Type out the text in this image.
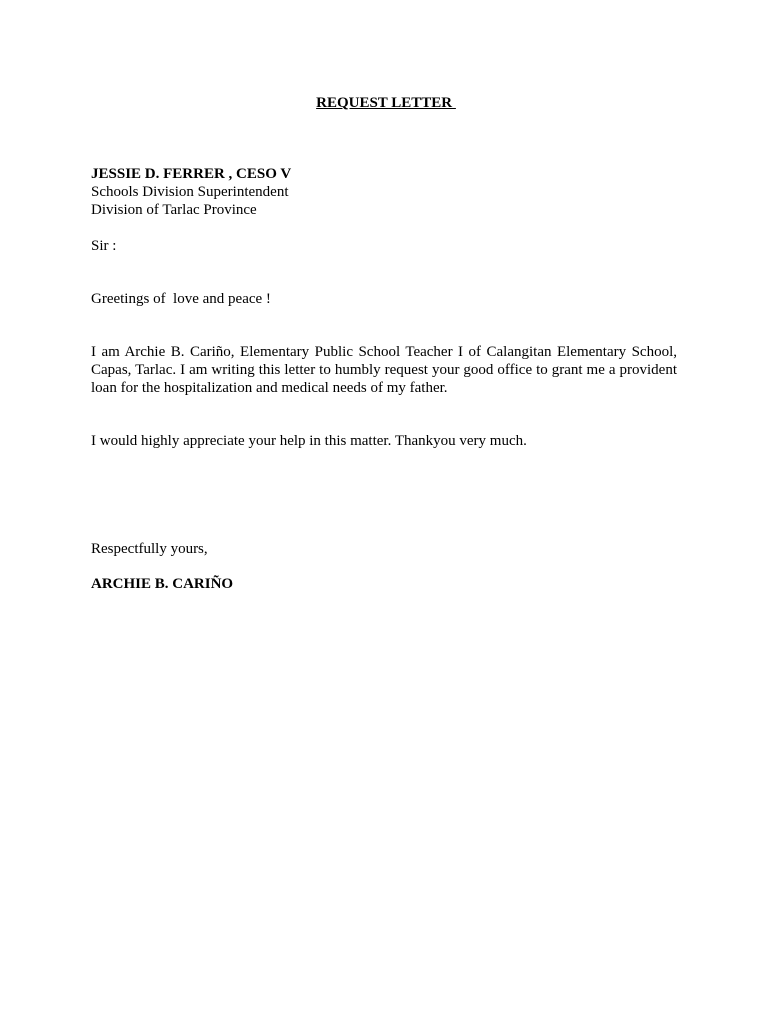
REQUEST LETTER
JESSIE D. FERRER , CESO V
Schools Division Superintendent
Division of Tarlac Province
Sir :
Greetings of  love and peace !
I am Archie B. Cariño, Elementary Public School Teacher I of Calangitan Elementary School, Capas, Tarlac. I am writing this letter to humbly request your good office to grant me a provident loan for the hospitalization and medical needs of my father.
I would highly appreciate your help in this matter. Thankyou very much.
Respectfully yours,
ARCHIE B. CARIÑO
